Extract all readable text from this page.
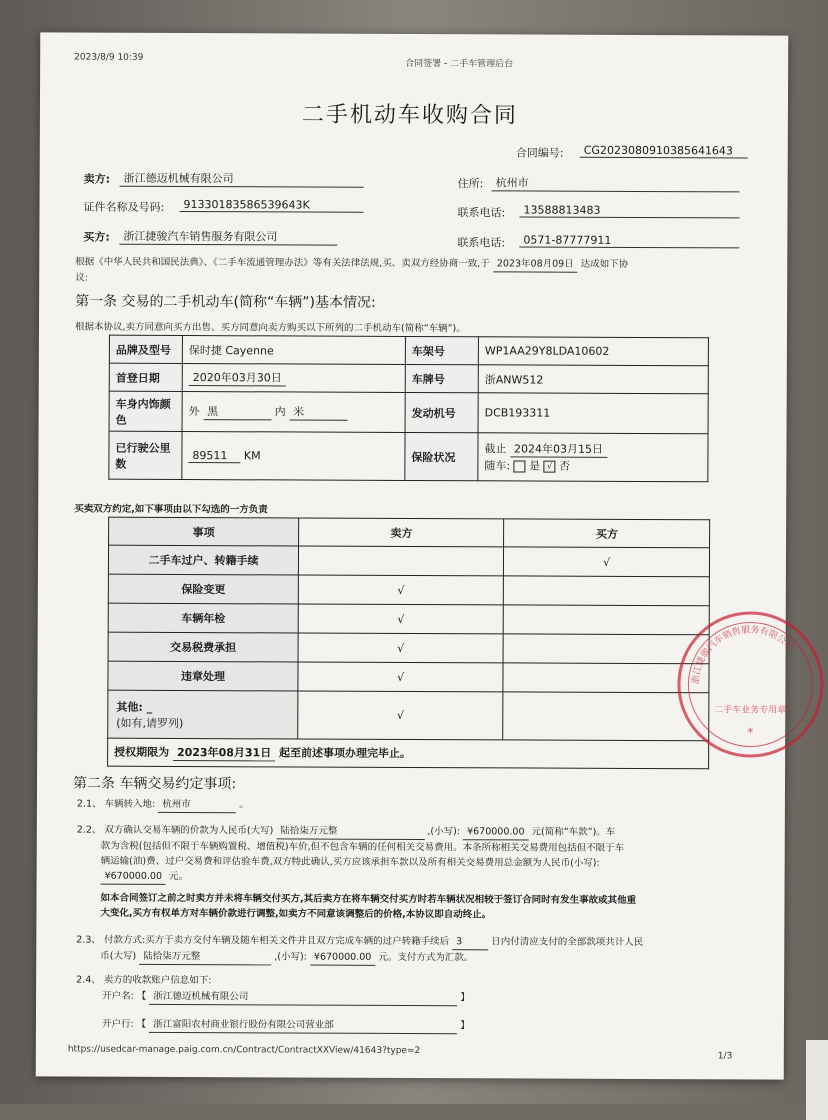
2023/8/9 10:39
合同签署 - 二手车管理后台
二手机动车收购合同
合同编号:	CG2023080910385641643
卖方:	浙江德迈机械有限公司	住所:	杭州市
证件名称及号码:	91330183586539643K
联系电话:	13588813483
买方:	浙江捷骏汽车销售服务有限公司	联系电话:	0571-87777911
根据《中华人民共和国民法典》、《二手车流通管理办法》等有关法律法规,买、卖双方经协商一致,于 2023年08月09日 达成如下协
议:
第一条 交易的二手机动车(简称“车辆”)基本情况:
根据本协议,卖方同意向买方出售、买方同意向卖方购买以下所列的二手机动车(简称“车辆”)。
品牌及型号	保时捷 Cayenne	车架号	WP1AA29Y8LDA10602
首登日期	2020年03月30日	车牌号	浙ANW512
车身内饰颜色	外 黑 内 米	发动机号	DCB193311
已行驶公里数	89511 KM	保险状况	截止 2024年03月15日
随车: 是 √ 否
买卖双方约定,如下事项由以下勾选的一方负责
事项	卖方	买方
二手车过户、转籍手续		√
保险变更	√	
车辆年检	√	
交易税费承担	√	
违章处理	√	
其他: _
(如有,请罗列)	√	
授权期限为 2023年08月31日 起至前述事项办理完毕止。		
浙江捷骏汽车销售服务有限公司
二手车业务专用章
*
第二条 车辆交易约定事项:
2.1、 车辆转入地: 杭州市	。
2.2、 双方确认交易车辆的价款为人民币(大写) 陆拾柒万元整	,(小写): ¥670000.00 元(简称“车款”)。车
款为含税(包括但不限于车辆购置税、增值税)车价,但不包含车辆的任何相关交易费用。本条所称相关交易费用包括但不限于车
辆运输(油)费、过户交易费和评估验车费,双方特此确认,买方应该承担车款以及所有相关交易费用总金额为人民币(小写):
¥670000.00 元。
如本合同签订之前之时卖方并未将车辆交付买方,其后卖方在将车辆交付买方时若车辆状况相较于签订合同时有发生事故或其他重
大变化,买方有权单方对车辆价款进行调整,如卖方不同意该调整后的价格,本协议即自动终止。
2.3、 付款方式:买方于卖方交付车辆及随车相关文件并且双方完成车辆的过户转籍手续后 3	日内付清应支付的全部款项共计人民
币(大写) 陆拾柒万元整	,(小写): ¥670000.00 元。支付方式为汇款。
2.4、 卖方的收款账户信息如下:
开户名: 【 浙江德迈机械有限公司	】
开户行: 【 浙江富阳农村商业银行股份有限公司营业部	】
https://usedcar-manage.paig.com.cn/Contract/ContractXXView/41643?type=2
1/3
